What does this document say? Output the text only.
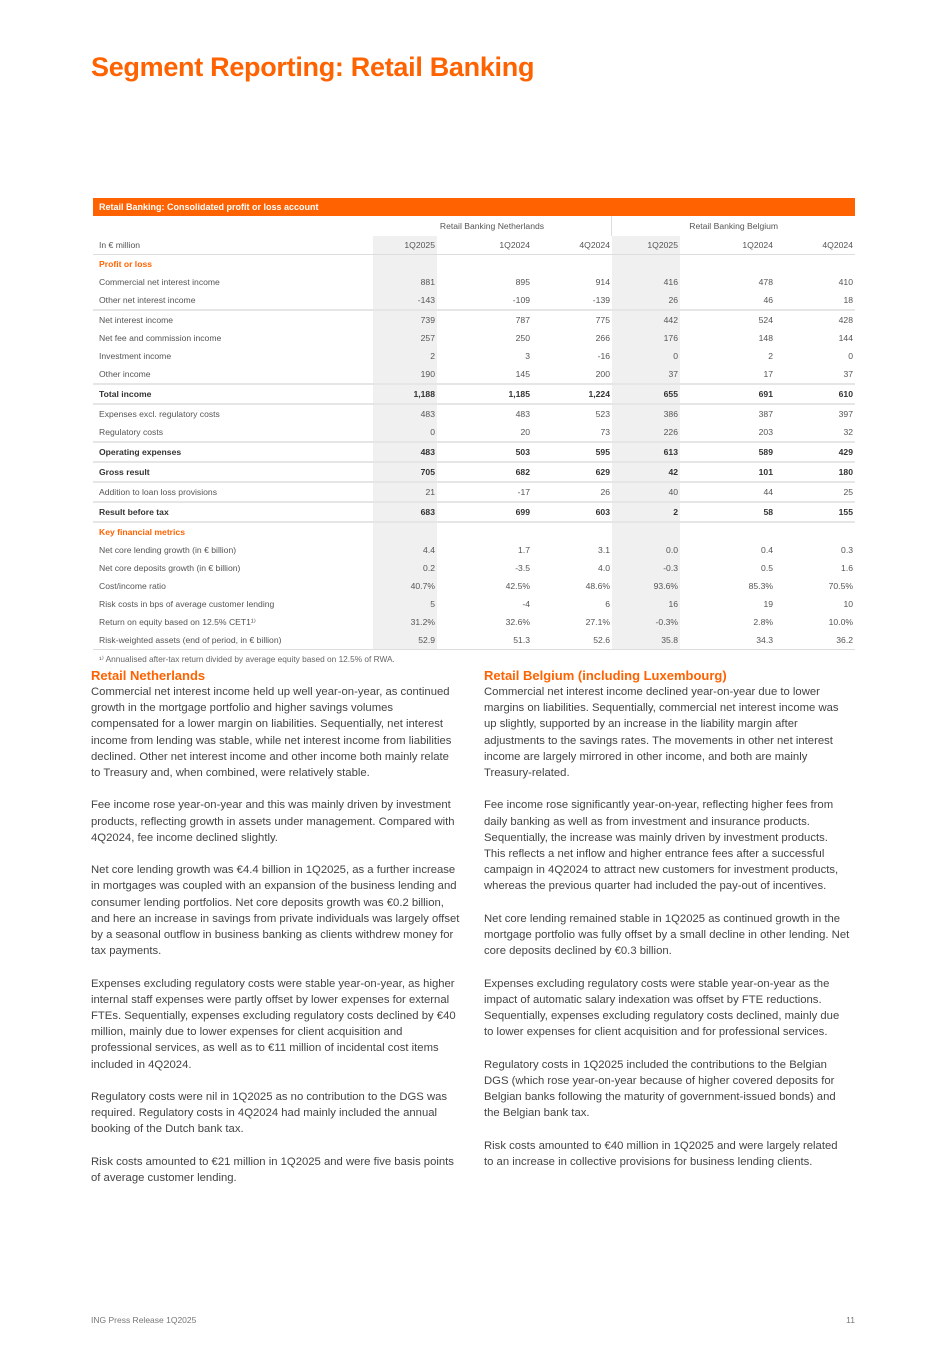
Segment Reporting: Retail Banking
Retail Banking: Consolidated profit or loss account
Retail Banking Netherlands	Retail Banking Belgium
In € million	1Q2025	1Q2024	4Q2024	1Q2025	1Q2024	4Q2024
Profit or loss
Commercial net interest income	881	895	914	416	478	410
Other net interest income	-143	-109	-139	26	46	18
Net interest income	739	787	775	442	524	428
Net fee and commission income	257	250	266	176	148	144
Investment income	2	3	-16	0	2	0
Other income	190	145	200	37	17	37
Total income	1,188	1,185	1,224	655	691	610
Expenses excl. regulatory costs	483	483	523	386	387	397
Regulatory costs	0	20	73	226	203	32
Operating expenses	483	503	595	613	589	429
Gross result	705	682	629	42	101	180
Addition to loan loss provisions	21	-17	26	40	44	25
Result before tax	683	699	603	2	58	155
Key financial metrics
Net core lending growth (in € billion)	4.4	1.7	3.1	0.0	0.4	0.3
Net core deposits growth (in € billion)	0.2	-3.5	4.0	-0.3	0.5	1.6
Cost/income ratio	40.7%	42.5%	48.6%	93.6%	85.3%	70.5%
Risk costs in bps of average customer lending	5	-4	6	16	19	10
Return on equity based on 12.5% CET1¹⁾	31.2%	32.6%	27.1%	-0.3%	2.8%	10.0%
Risk-weighted assets (end of period, in € billion)	52.9	51.3	52.6	35.8	34.3	36.2
¹⁾ Annualised after-tax return divided by average equity based on 12.5% of RWA.
Retail Netherlands

Commercial net interest income held up well year-on-year, as continued growth in the mortgage portfolio and higher savings volumes compensated for a lower margin on liabilities. Sequentially, net interest income from lending was stable, while net interest income from liabilities declined. Other net interest income and other income both mainly relate to Treasury and, when combined, were relatively stable.

Fee income rose year-on-year and this was mainly driven by investment products, reflecting growth in assets under management. Compared with 4Q2024, fee income declined slightly.

Net core lending growth was €4.4 billion in 1Q2025, as a further increase in mortgages was coupled with an expansion of the business lending and consumer lending portfolios. Net core deposits growth was €0.2 billion, and here an increase in savings from private individuals was largely offset by a seasonal outflow in business banking as clients withdrew money for tax payments.

Expenses excluding regulatory costs were stable year-on-year, as higher internal staff expenses were partly offset by lower expenses for external FTEs. Sequentially, expenses excluding regulatory costs declined by €40 million, mainly due to lower expenses for client acquisition and professional services, as well as to €11 million of incidental cost items included in 4Q2024.

Regulatory costs were nil in 1Q2025 as no contribution to the DGS was required. Regulatory costs in 4Q2024 had mainly included the annual booking of the Dutch bank tax.

Risk costs amounted to €21 million in 1Q2025 and were five basis points of average customer lending.

Retail Belgium (including Luxembourg)

Commercial net interest income declined year-on-year due to lower margins on liabilities. Sequentially, commercial net interest income was up slightly, supported by an increase in the liability margin after adjustments to the savings rates. The movements in other net interest income are largely mirrored in other income, and both are mainly Treasury-related.

Fee income rose significantly year-on-year, reflecting higher fees from daily banking as well as from investment and insurance products. Sequentially, the increase was mainly driven by investment products. This reflects a net inflow and higher entrance fees after a successful campaign in 4Q2024 to attract new customers for investment products, whereas the previous quarter had included the pay-out of incentives.

Net core lending remained stable in 1Q2025 as continued growth in the mortgage portfolio was fully offset by a small decline in other lending. Net core deposits declined by €0.3 billion.

Expenses excluding regulatory costs were stable year-on-year as the impact of automatic salary indexation was offset by FTE reductions. Sequentially, expenses excluding regulatory costs declined, mainly due to lower expenses for client acquisition and for professional services.

Regulatory costs in 1Q2025 included the contributions to the Belgian DGS (which rose year-on-year because of higher covered deposits for Belgian banks following the maturity of government-issued bonds) and the Belgian bank tax.

Risk costs amounted to €40 million in 1Q2025 and were largely related to an increase in collective provisions for business lending clients.

ING Press Release 1Q2025	11
